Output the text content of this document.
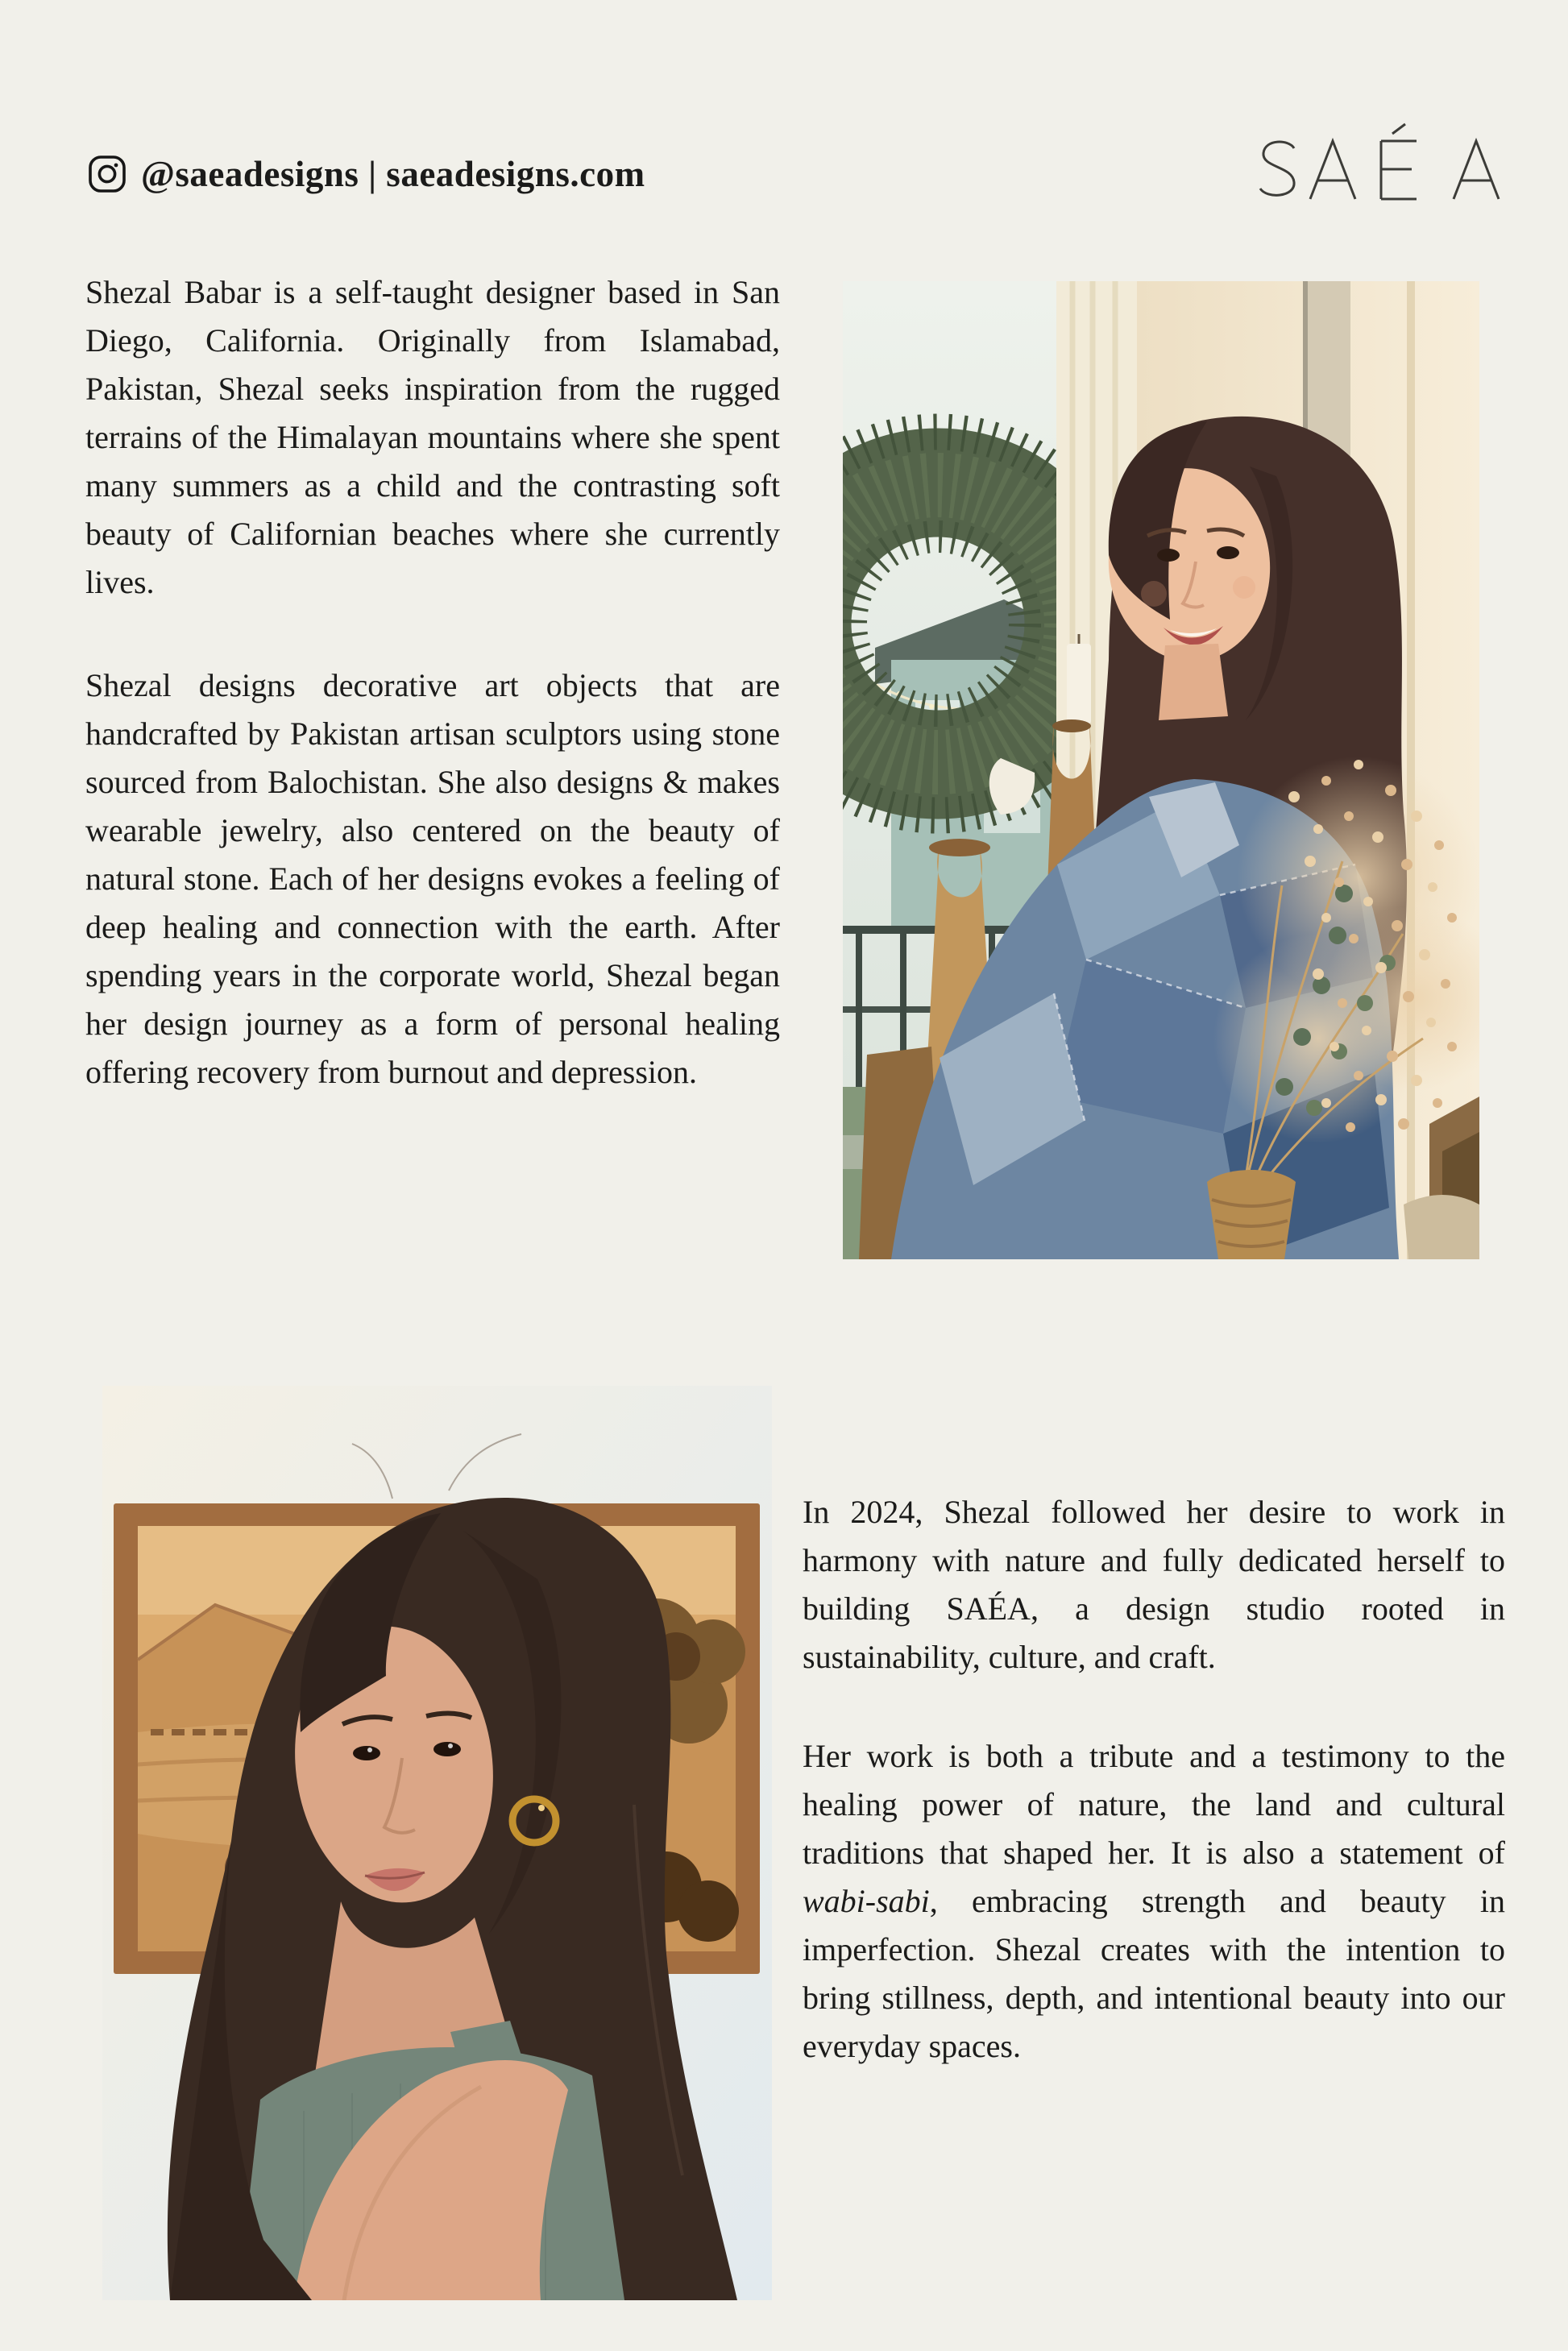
@saeadesigns | saeadesigns.com

Shezal Babar is a self-taught designer based in San Diego, California. Originally from Islamabad, Pakistan, Shezal seeks inspiration from the rugged terrains of the Himalayan mountains where she spent many summers as a child and the contrasting soft beauty of Californian beaches where she currently lives.

Shezal designs decorative art objects that are handcrafted by Pakistan artisan sculptors using stone sourced from Balochistan. She also designs & makes wearable jewelry, also centered on the beauty of natural stone. Each of her designs evokes a feeling of deep healing and connection with the earth. After spending years in the corporate world, Shezal began her design journey as a form of personal healing offering recovery from burnout and depression.

In 2024, Shezal followed her desire to work in harmony with nature and fully dedicated herself to building SAÉA, a design studio rooted in sustainability, culture, and craft.

Her work is both a tribute and a testimony to the healing power of nature, the land and cultural traditions that shaped her. It is also a statement of wabi-sabi, embracing strength and beauty in imperfection. Shezal creates with the intention to bring stillness, depth, and intentional beauty into our everyday spaces.
